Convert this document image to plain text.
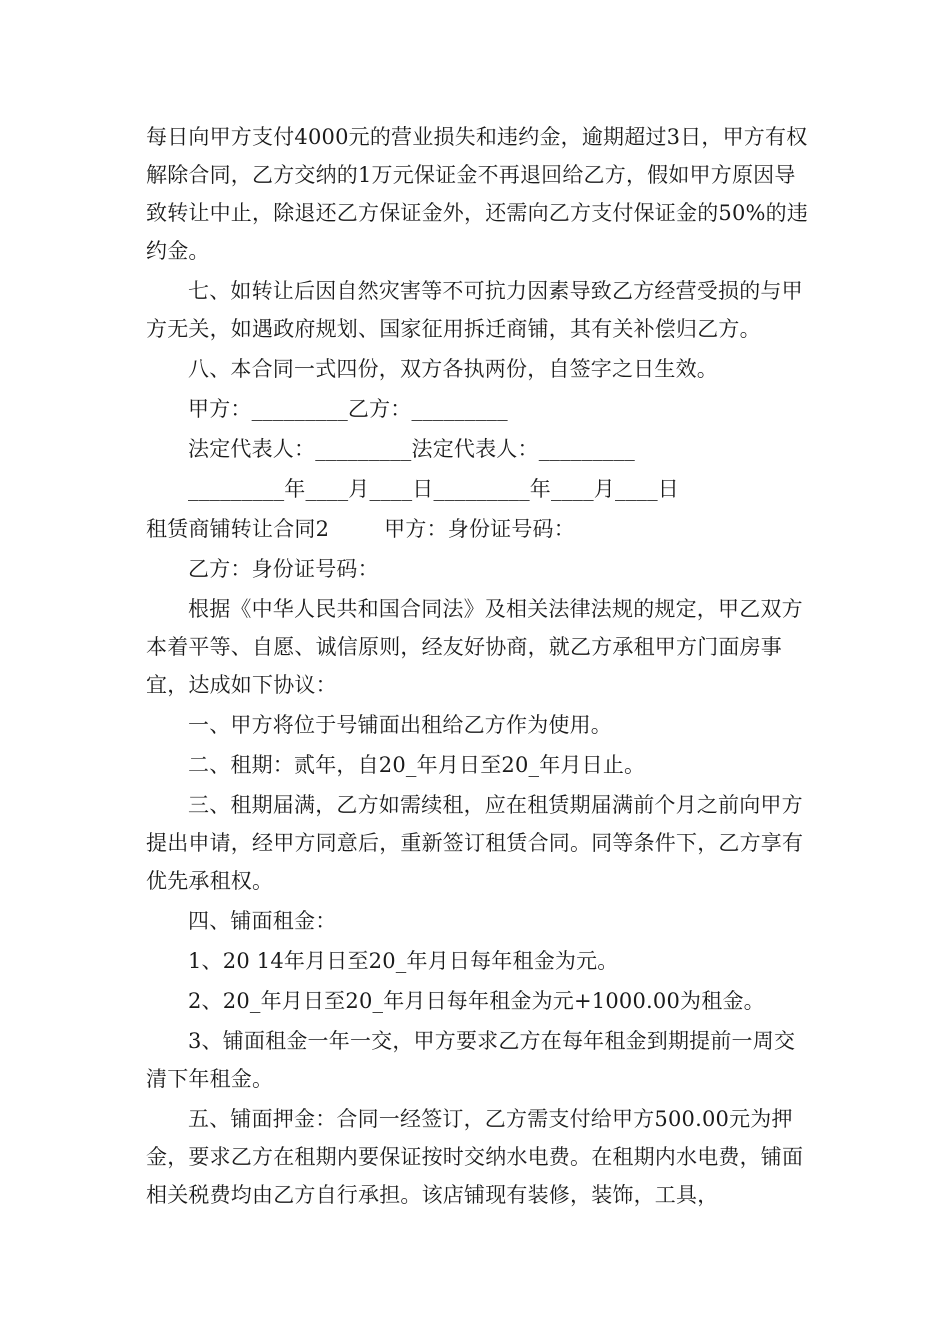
每日向甲方支付4000元的营业损失和违约金，逾期超过3日，甲方有权解除合同，乙方交纳的1万元保证金不再退回给乙方，假如甲方原因导致转让中止，除退还乙方保证金外，还需向乙方支付保证金的50%的违约金。

七、如转让后因自然灾害等不可抗力因素导致乙方经营受损的与甲方无关，如遇政府规划、国家征用拆迁商铺，其有关补偿归乙方。

八、本合同一式四份，双方各执两份，自签字之日生效。

甲方：_________乙方：_________

法定代表人：_________法定代表人：_________

_________年____月____日_________年____月____日

租赁商铺转让合同2        甲方：身份证号码：

乙方：身份证号码：

根据《中华人民共和国合同法》及相关法律法规的规定，甲乙双方本着平等、自愿、诚信原则，经友好协商，就乙方承租甲方门面房事宜，达成如下协议：

一、甲方将位于号铺面出租给乙方作为使用。

二、租期：贰年，自20_年月日至20_年月日止。

三、租期届满，乙方如需续租，应在租赁期届满前个月之前向甲方提出申请，经甲方同意后，重新签订租赁合同。同等条件下，乙方享有优先承租权。

四、铺面租金：

1、20 14年月日至20_年月日每年租金为元。

2、20_年月日至20_年月日每年租金为元+1000.00为租金。

3、铺面租金一年一交，甲方要求乙方在每年租金到期提前一周交清下年租金。

五、铺面押金：合同一经签订，乙方需支付给甲方500.00元为押金，要求乙方在租期内要保证按时交纳水电费。在租期内水电费，铺面相关税费均由乙方自行承担。该店铺现有装修，装饰，工具，
